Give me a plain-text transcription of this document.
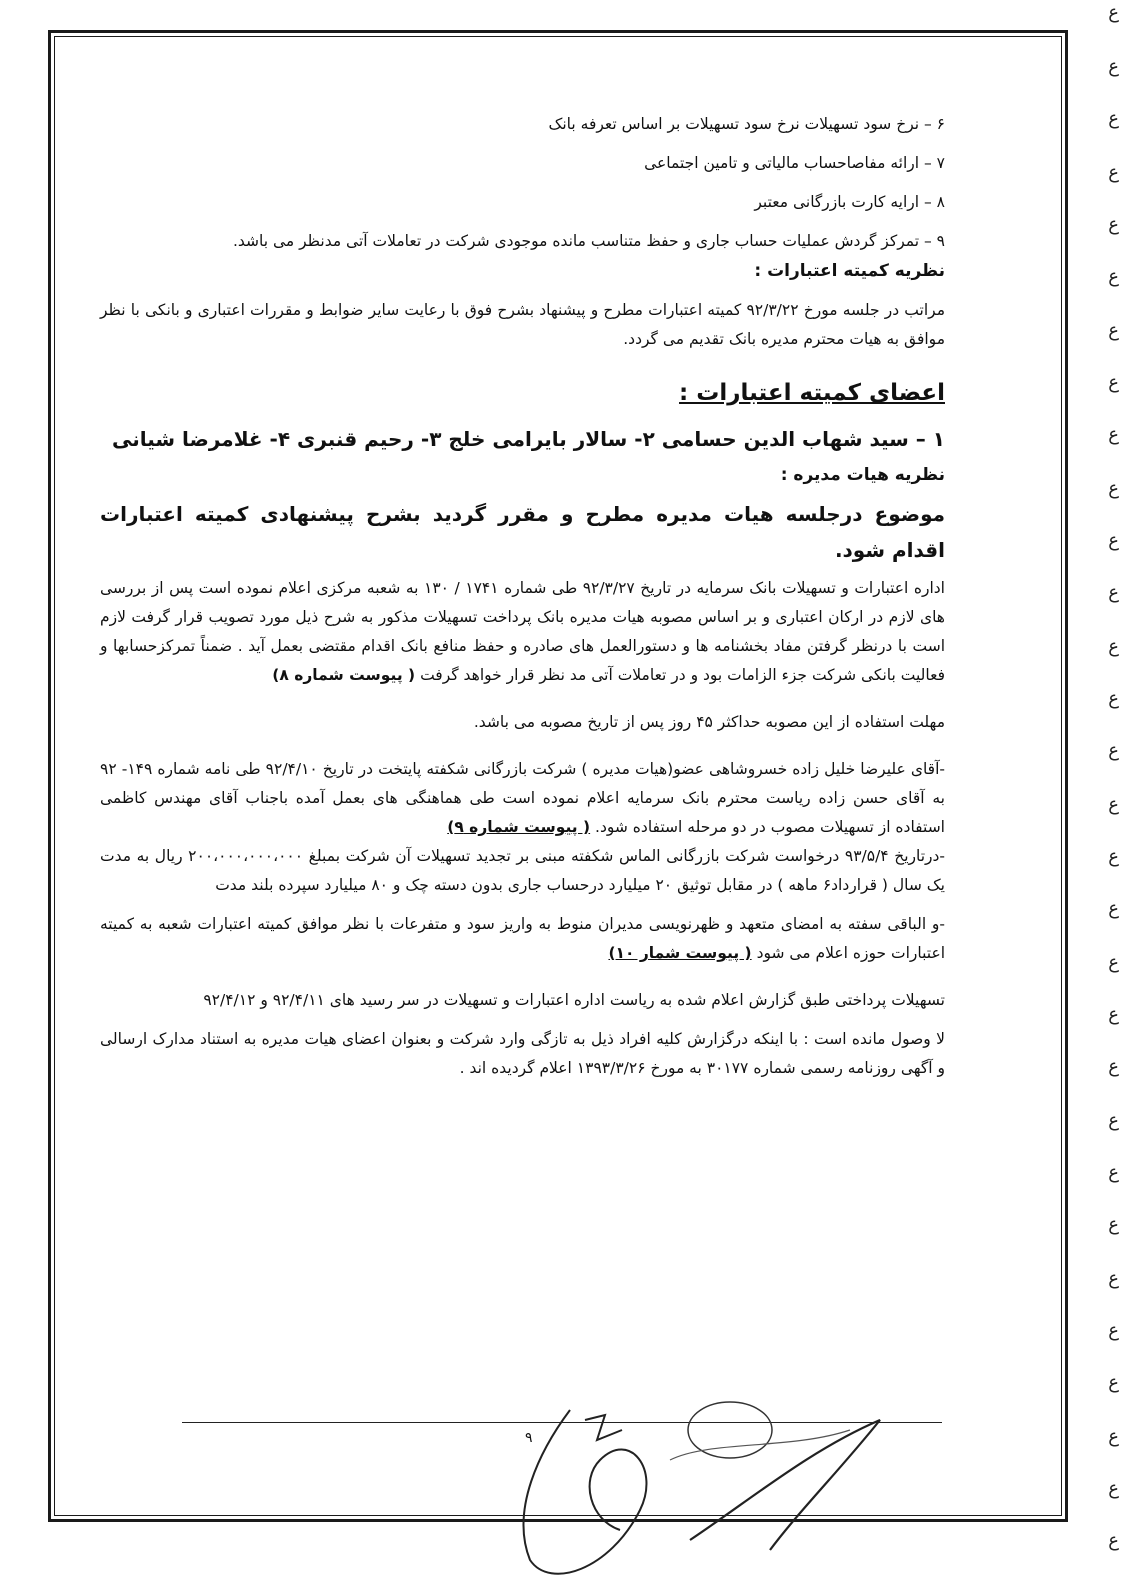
ع
ع
ع
ع
ع
ع
ع
ع
ع
ع
ع
ع
ع
ع
ع
ع
ع
ع
ع
ع
ع
ع
ع
ع
ع
ع
ع
ع
ع
ع

۶ – نرخ سود تسهیلات نرخ سود تسهیلات بر اساس تعرفه بانک

۷ – ارائه مفاصاحساب مالیاتی و تامین اجتماعی

۸ – ارایه کارت بازرگانی معتبر

۹ – تمرکز گردش عملیات حساب جاری و حفظ متناسب مانده موجودی شرکت در تعاملات آتی مدنظر می باشد.

نظریه کمیته اعتبارات :

مراتب در جلسه مورخ ۹۲/۳/۲۲ کمیته اعتبارات مطرح و پیشنهاد بشرح فوق با رعایت سایر ضوابط و مقررات اعتباری و بانکی با نظر موافق به هیات محترم مدیره بانک تقدیم می گردد.

اعضای کمیته اعتبارات :

۱ – سید شهاب الدین حسامی ۲- سالار بایرامی خلج ۳- رحیم قنبری ۴- غلامرضا شیانی

نظریه هیات مدیره :

موضوع درجلسه هیات مدیره مطرح و مقرر گردید بشرح پیشنهادی کمیته اعتبارات اقدام شود.

اداره اعتبارات و تسهیلات بانک سرمایه در تاریخ ۹۲/۳/۲۷ طی شماره ۱۷۴۱ / ۱۳۰ به شعبه مرکزی اعلام نموده است پس از بررسی های لازم در ارکان اعتباری و بر اساس مصوبه هیات مدیره بانک پرداخت تسهیلات مذکور به شرح ذیل مورد تصویب قرار گرفت لازم است با درنظر گرفتن مفاد بخشنامه ها و دستورالعمل های صادره و حفظ منافع بانک اقدام مقتضی بعمل آید . ضمناً تمرکزحسابها و فعالیت بانکی شرکت جزء الزامات بود و در تعاملات آتی مد نظر قرار خواهد گرفت ( پیوست شماره ۸)

مهلت استفاده از این مصوبه حداکثر ۴۵ روز پس از تاریخ مصوبه می باشد.

-آقای علیرضا خلیل زاده خسروشاهی عضو(هیات مدیره ) شرکت بازرگانی شکفته پایتخت در تاریخ ۹۲/۴/۱۰ طی نامه شماره ۱۴۹- ۹۲ به آقای حسن زاده ریاست محترم بانک سرمایه اعلام نموده است طی هماهنگی های بعمل آمده باجناب آقای مهندس کاظمی استفاده از تسهیلات مصوب در دو مرحله استفاده شود. ( پیوست شماره ۹)

-درتاریخ ۹۳/۵/۴ درخواست شرکت بازرگانی الماس شکفته مبنی بر تجدید تسهیلات آن شرکت بمبلغ ۲۰۰،۰۰۰،۰۰۰،۰۰۰ ریال به مدت یک سال ( قرارداد۶ ماهه ) در مقابل توثیق ۲۰ میلیارد درحساب جاری بدون دسته چک و ۸۰ میلیارد سپرده بلند مدت

-و الباقی سفته به امضای متعهد و ظهرنویسی مدیران منوط به واریز سود و متفرعات با نظر موافق کمیته اعتبارات شعبه به کمیته اعتبارات حوزه اعلام می شود ( پیوست شمار ۱۰)

تسهیلات پرداختی طبق گزارش اعلام شده به ریاست اداره اعتبارات و تسهیلات در سر رسید های ۹۲/۴/۱۱ و ۹۲/۴/۱۲

لا وصول مانده است : با اینکه درگزارش کلیه افراد ذیل به تازگی وارد شرکت و بعنوان اعضای هیات مدیره به استناد مدارک ارسالی و آگهی روزنامه رسمی شماره ۳۰۱۷۷ به مورخ ۱۳۹۳/۳/۲۶ اعلام گردیده اند .

۹
